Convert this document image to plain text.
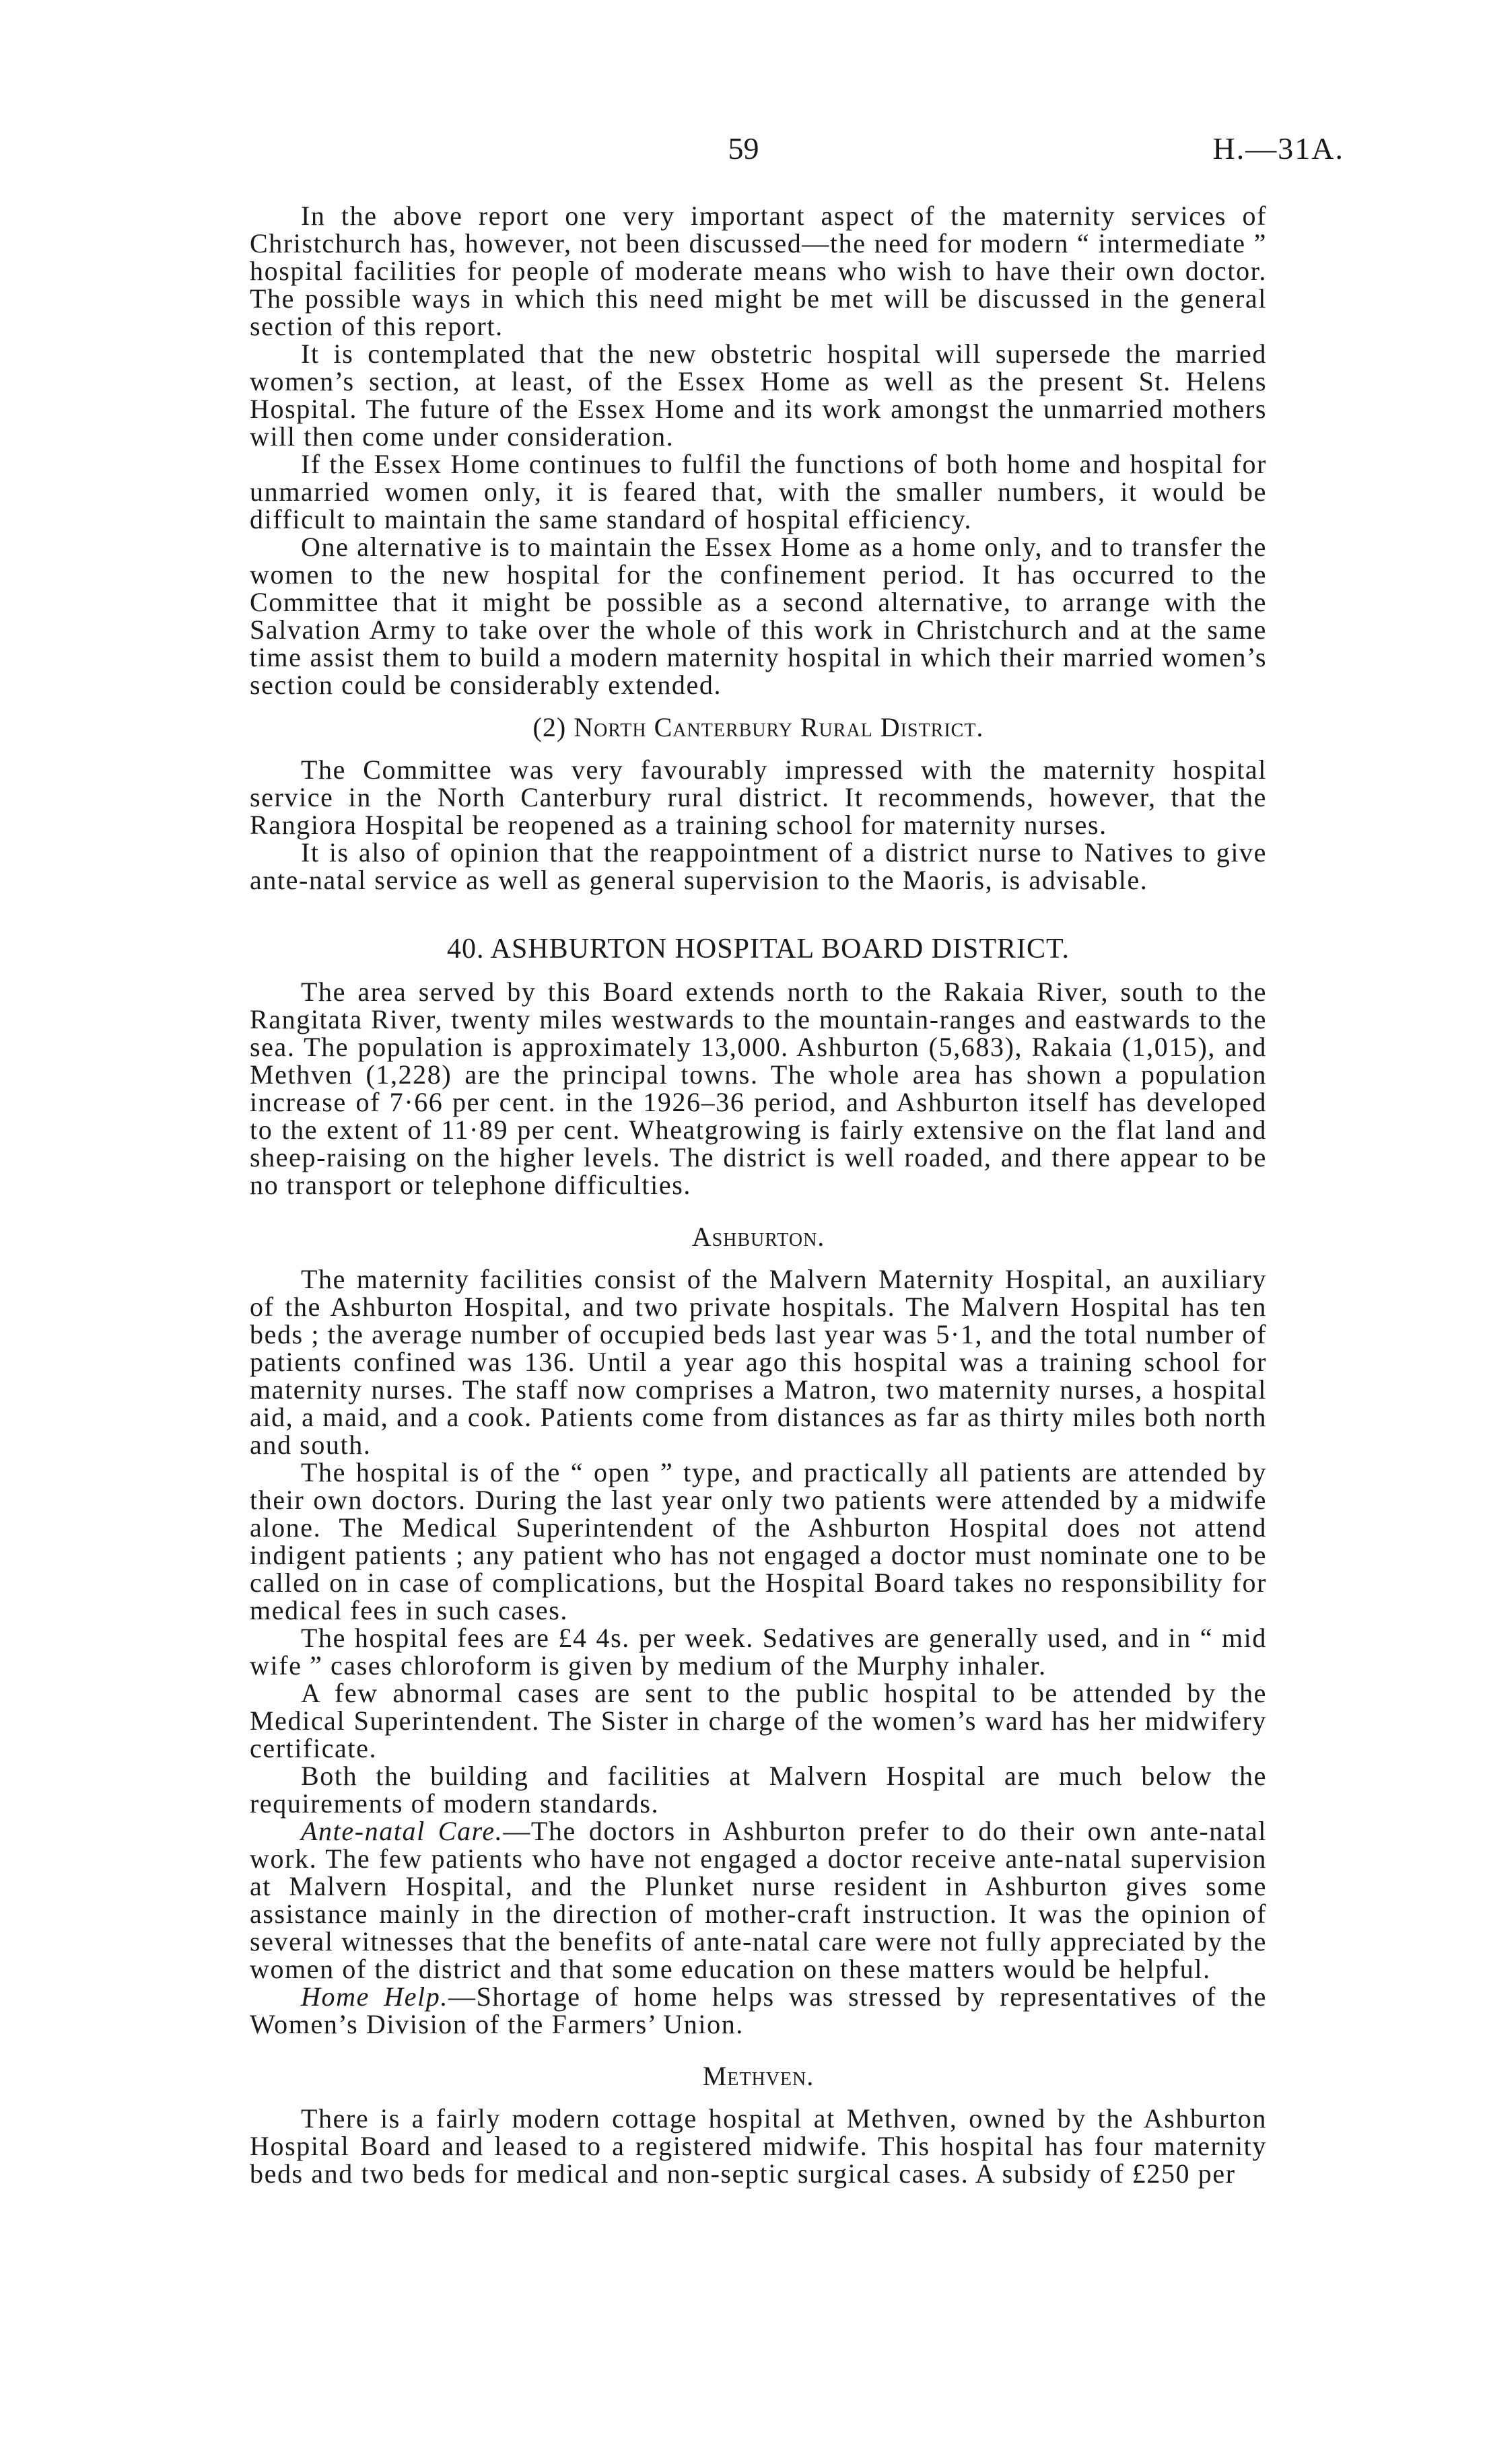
59	H.—31A.

In the above report one very important aspect of the maternity services of Christchurch has, however, not been discussed—the need for modern “ intermediate ” hospital facilities for people of moderate means who wish to have their own doctor. The possible ways in which this need might be met will be discussed in the general section of this report.

It is contemplated that the new obstetric hospital will supersede the married women’s section, at least, of the Essex Home as well as the present St. Helens Hospital. The future of the Essex Home and its work amongst the unmarried mothers will then come under consideration.

If the Essex Home continues to fulfil the functions of both home and hospital for unmarried women only, it is feared that, with the smaller numbers, it would be difficult to maintain the same standard of hospital efficiency.

One alternative is to maintain the Essex Home as a home only, and to transfer the women to the new hospital for the confinement period. It has occurred to the Committee that it might be possible as a second alternative, to arrange with the Salvation Army to take over the whole of this work in Christchurch and at the same time assist them to build a modern maternity hospital in which their married women’s section could be considerably extended.

(2) North Canterbury Rural District.

The Committee was very favourably impressed with the maternity hospital service in the North Canterbury rural district. It recommends, however, that the Rangiora Hospital be reopened as a training school for maternity nurses.

It is also of opinion that the reappointment of a district nurse to Natives to give ante-natal service as well as general supervision to the Maoris, is advisable.

40. ASHBURTON HOSPITAL BOARD DISTRICT.

The area served by this Board extends north to the Rakaia River, south to the Rangitata River, twenty miles westwards to the mountain-ranges and eastwards to the sea. The population is approximately 13,000. Ashburton (5,683), Rakaia (1,015), and Methven (1,228) are the principal towns. The whole area has shown a population increase of 7·66 per cent. in the 1926–36 period, and Ashburton itself has developed to the extent of 11·89 per cent. Wheatgrowing is fairly extensive on the flat land and sheep-raising on the higher levels. The district is well roaded, and there appear to be no transport or telephone difficulties.

Ashburton.

The maternity facilities consist of the Malvern Maternity Hospital, an auxiliary of the Ashburton Hospital, and two private hospitals. The Malvern Hospital has ten beds ; the average number of occupied beds last year was 5·1, and the total number of patients confined was 136. Until a year ago this hospital was a training school for maternity nurses. The staff now comprises a Matron, two maternity nurses, a hospital aid, a maid, and a cook. Patients come from distances as far as thirty miles both north and south.

The hospital is of the “ open ” type, and practically all patients are attended by their own doctors. During the last year only two patients were attended by a midwife alone. The Medical Superintendent of the Ashburton Hospital does not attend indigent patients ; any patient who has not engaged a doctor must nominate one to be called on in case of complications, but the Hospital Board takes no responsibility for medical fees in such cases.

The hospital fees are £4 4s. per week. Sedatives are generally used, and in “ mid wife ” cases chloroform is given by medium of the Murphy inhaler.

A few abnormal cases are sent to the public hospital to be attended by the Medical Superintendent. The Sister in charge of the women’s ward has her midwifery certificate.

Both the building and facilities at Malvern Hospital are much below the requirements of modern standards.

Ante-natal Care.—The doctors in Ashburton prefer to do their own ante-natal work. The few patients who have not engaged a doctor receive ante-natal supervision at Malvern Hospital, and the Plunket nurse resident in Ashburton gives some assistance mainly in the direction of mother-craft instruction. It was the opinion of several witnesses that the benefits of ante-natal care were not fully appreciated by the women of the district and that some education on these matters would be helpful.

Home Help.—Shortage of home helps was stressed by representatives of the Women’s Division of the Farmers’ Union.

Methven.

There is a fairly modern cottage hospital at Methven, owned by the Ashburton Hospital Board and leased to a registered midwife. This hospital has four maternity beds and two beds for medical and non-septic surgical cases. A subsidy of £250 per
